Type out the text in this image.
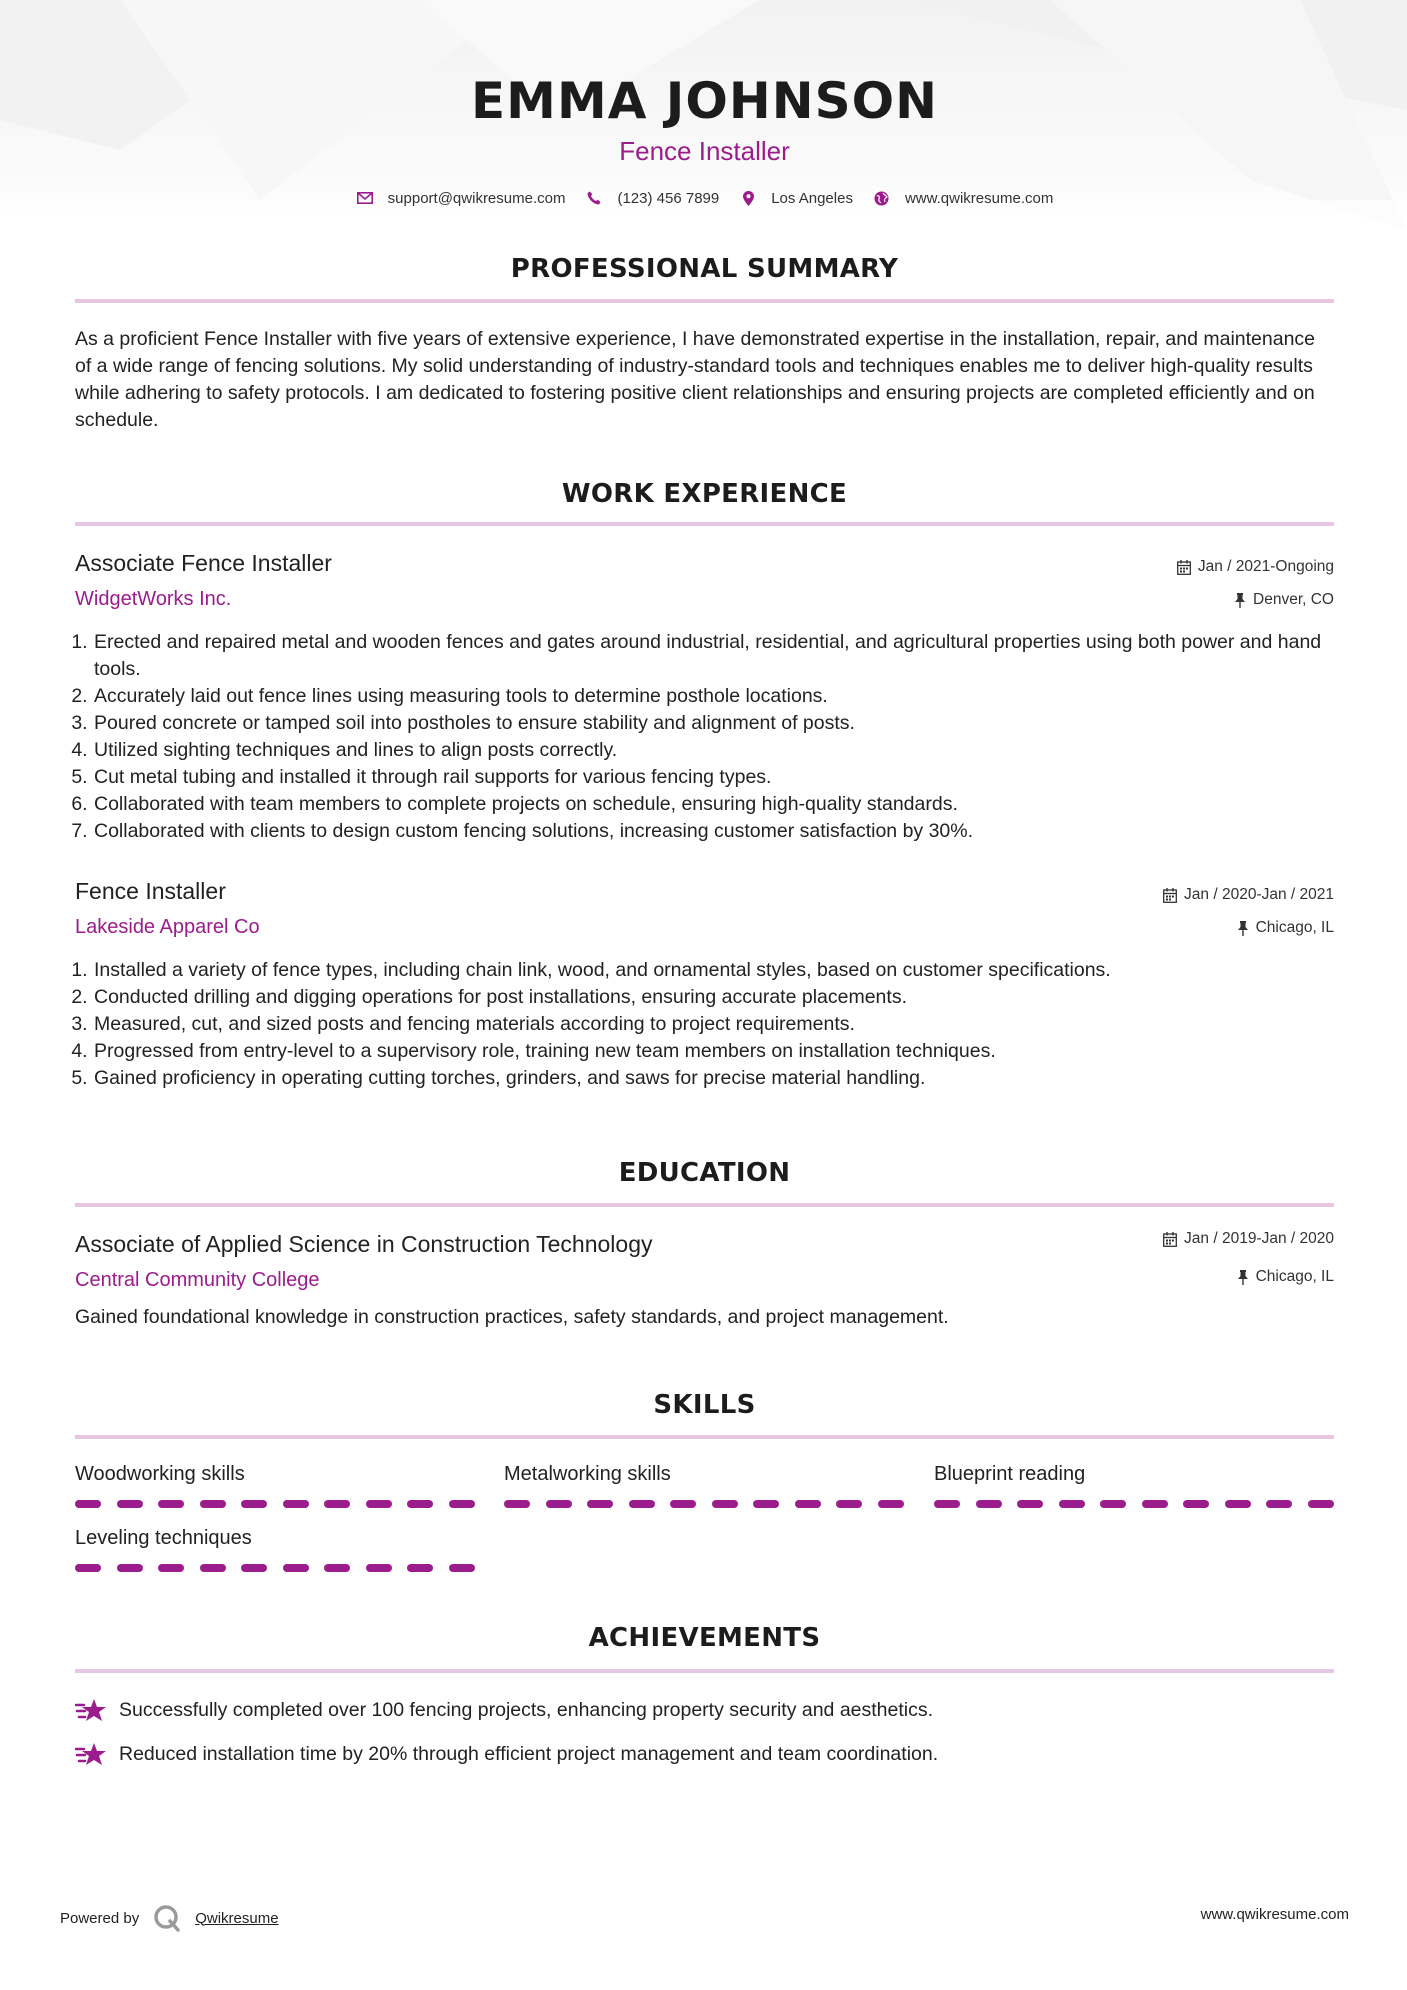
EMMA JOHNSON
Fence Installer
support@qwikresume.com	(123) 456 7899	Los Angeles	www.qwikresume.com
PROFESSIONAL SUMMARY
As a proficient Fence Installer with five years of extensive experience, I have demonstrated expertise in the installation, repair, and maintenance of a wide range of fencing solutions. My solid understanding of industry-standard tools and techniques enables me to deliver high-quality results while adhering to safety protocols. I am dedicated to fostering positive client relationships and ensuring projects are completed efficiently and on schedule.
WORK EXPERIENCE
Associate Fence Installer
WidgetWorks Inc.
Jan / 2021-Ongoing
Denver, CO
1. Erected and repaired metal and wooden fences and gates around industrial, residential, and agricultural properties using both power and hand tools.
2. Accurately laid out fence lines using measuring tools to determine posthole locations.
3. Poured concrete or tamped soil into postholes to ensure stability and alignment of posts.
4. Utilized sighting techniques and lines to align posts correctly.
5. Cut metal tubing and installed it through rail supports for various fencing types.
6. Collaborated with team members to complete projects on schedule, ensuring high-quality standards.
7. Collaborated with clients to design custom fencing solutions, increasing customer satisfaction by 30%.
Fence Installer
Lakeside Apparel Co
Jan / 2020-Jan / 2021
Chicago, IL
1. Installed a variety of fence types, including chain link, wood, and ornamental styles, based on customer specifications.
2. Conducted drilling and digging operations for post installations, ensuring accurate placements.
3. Measured, cut, and sized posts and fencing materials according to project requirements.
4. Progressed from entry-level to a supervisory role, training new team members on installation techniques.
5. Gained proficiency in operating cutting torches, grinders, and saws for precise material handling.
EDUCATION
Associate of Applied Science in Construction Technology
Central Community College
Jan / 2019-Jan / 2020
Chicago, IL
Gained foundational knowledge in construction practices, safety standards, and project management.
SKILLS
Woodworking skills	Metalworking skills	Blueprint reading
Leveling techniques
ACHIEVEMENTS
Successfully completed over 100 fencing projects, enhancing property security and aesthetics.
Reduced installation time by 20% through efficient project management and team coordination.
Powered by	Qwikresume	www.qwikresume.com
